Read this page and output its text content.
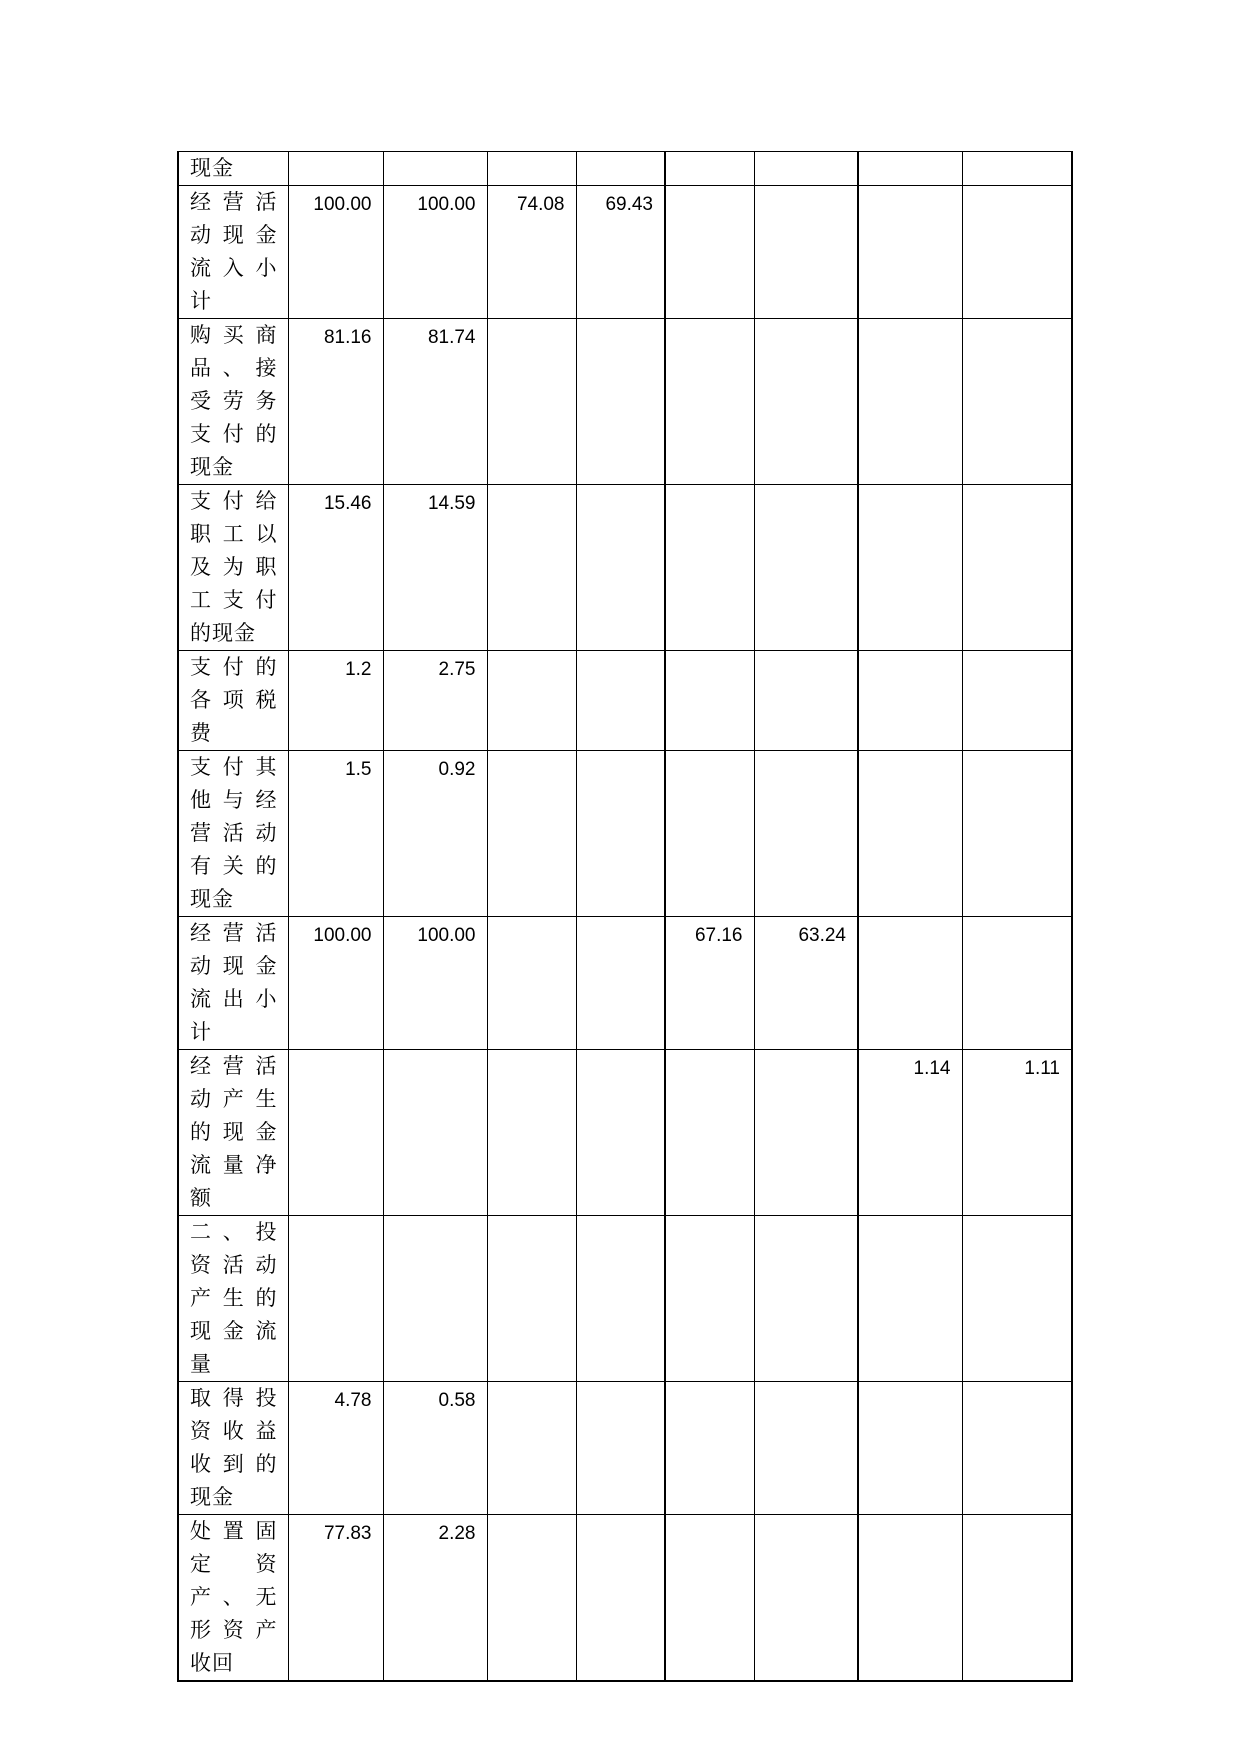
现金								

经营活动现金流入小计	100.00	100.00	74.08	69.43				

购买商品、接受劳务支付的现金	81.16	81.74						

支付给职工以及为职工支付的现金	15.46	14.59						

支付的各项税费	1.2	2.75						

支付其他与经营活动有关的现金	1.5	0.92						

经营活动现金流出小计	100.00	100.00			67.16	63.24		

经营活动产生的现金流量净额							1.14	1.11

二、投资活动产生的现金流量								

取得投资收益收到的现金	4.78	0.58						

处置固定资产、无形资产收回	77.83	2.28						
